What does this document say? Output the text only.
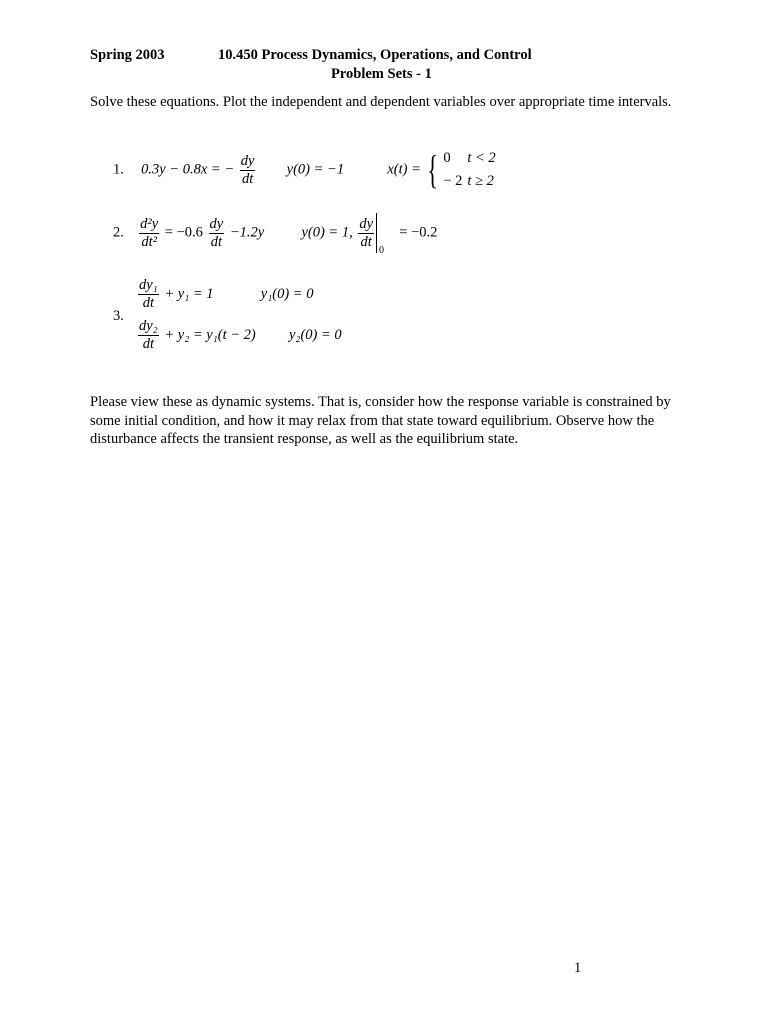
Spring 2003	10.450 Process Dynamics, Operations, and Control
Problem Sets - 1
Solve these equations. Plot the independent and dependent variables over appropriate time intervals.
1. 0.3y − 0.8x = − $\frac{dy}{dt} y(0) = -1$	x(t) = { 0 t < 2
− 2 t ≥ 2
2. $\frac{\text{d²y}}{\text{dt²}} = -0.6 \frac{dy}{dt} -1.2y$	y(0) = 1, $\frac{dy}{dt}$
$_0$  = −0.2
3.
$\frac{\text{dy₁}}{dt} + y_1 = 1$	y₁(0) = 0
$\frac{\text{dy₂}}{dt} + y_2 = y_1(t - 2) y_2(0) = 0$
Please view these as dynamic systems. That is, consider how the response variable is constrained by some initial condition, and how it may relax from that state toward equilibrium. Observe how the disturbance affects the transient response, as well as the equilibrium state.
1
